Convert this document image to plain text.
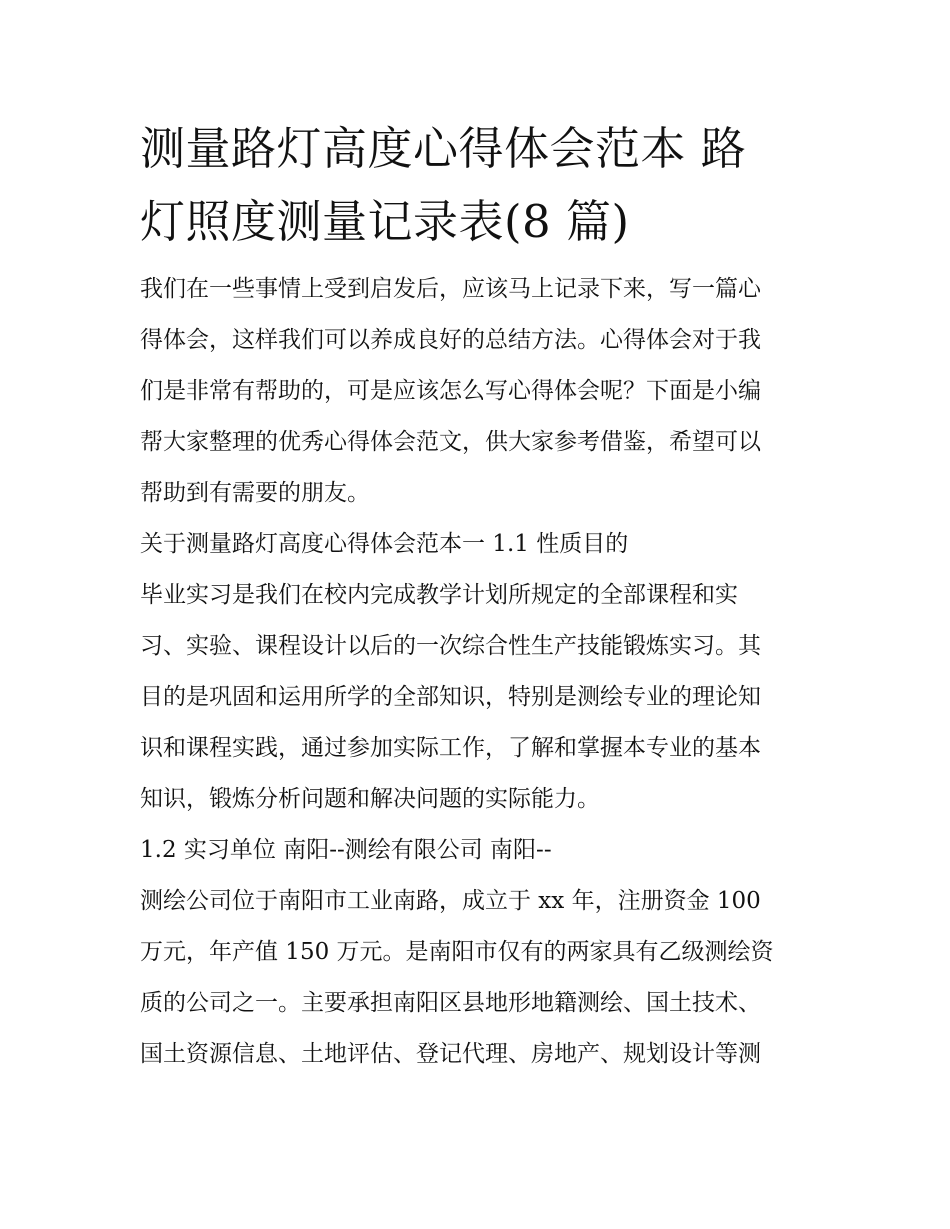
测量路灯高度心得体会范本 路
灯照度测量记录表(8 篇)
我们在一些事情上受到启发后，应该马上记录下来，写一篇心
得体会，这样我们可以养成良好的总结方法。心得体会对于我
们是非常有帮助的，可是应该怎么写心得体会呢？下面是小编
帮大家整理的优秀心得体会范文，供大家参考借鉴，希望可以
帮助到有需要的朋友。
关于测量路灯高度心得体会范本一 1.1 性质目的
毕业实习是我们在校内完成教学计划所规定的全部课程和实
习、实验、课程设计以后的一次综合性生产技能锻炼实习。其
目的是巩固和运用所学的全部知识，特别是测绘专业的理论知
识和课程实践，通过参加实际工作，了解和掌握本专业的基本
知识，锻炼分析问题和解决问题的实际能力。
1.2 实习单位 南阳--测绘有限公司 南阳--
测绘公司位于南阳市工业南路，成立于 xx 年，注册资金 100
万元，年产值 150 万元。是南阳市仅有的两家具有乙级测绘资
质的公司之一。主要承担南阳区县地形地籍测绘、国土技术、
国土资源信息、土地评估、登记代理、房地产、规划设计等测
